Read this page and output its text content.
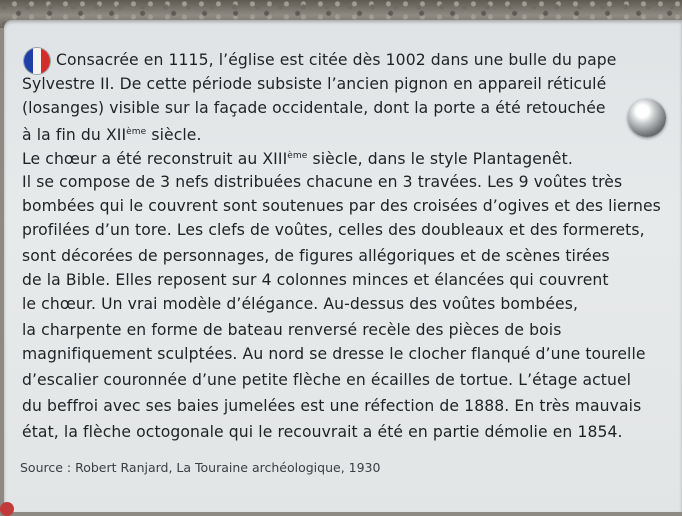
Consacrée en 1115, l’église est citée dès 1002 dans une bulle du pape
Sylvestre II. De cette période subsiste l’ancien pignon en appareil réticulé
(losanges) visible sur la façade occidentale, dont la porte a été retouchée
à la fin du XIIème siècle.
Le chœur a été reconstruit au XIIIème siècle, dans le style Plantagenêt.
Il se compose de 3 nefs distribuées chacune en 3 travées. Les 9 voûtes très
bombées qui le couvrent sont soutenues par des croisées d’ogives et des liernes
profilées d’un tore. Les clefs de voûtes, celles des doubleaux et des formerets,
sont décorées de personnages, de figures allégoriques et de scènes tirées
de la Bible. Elles reposent sur 4 colonnes minces et élancées qui couvrent
le chœur. Un vrai modèle d’élégance. Au-dessus des voûtes bombées,
la charpente en forme de bateau renversé recèle des pièces de bois
magnifiquement sculptées. Au nord se dresse le clocher flanqué d’une tourelle
d’escalier couronnée d’une petite flèche en écailles de tortue. L’étage actuel
du beffroi avec ses baies jumelées est une réfection de 1888. En très mauvais
état, la flèche octogonale qui le recouvrait a été en partie démolie en 1854.
Source : Robert Ranjard, La Touraine archéologique, 1930
